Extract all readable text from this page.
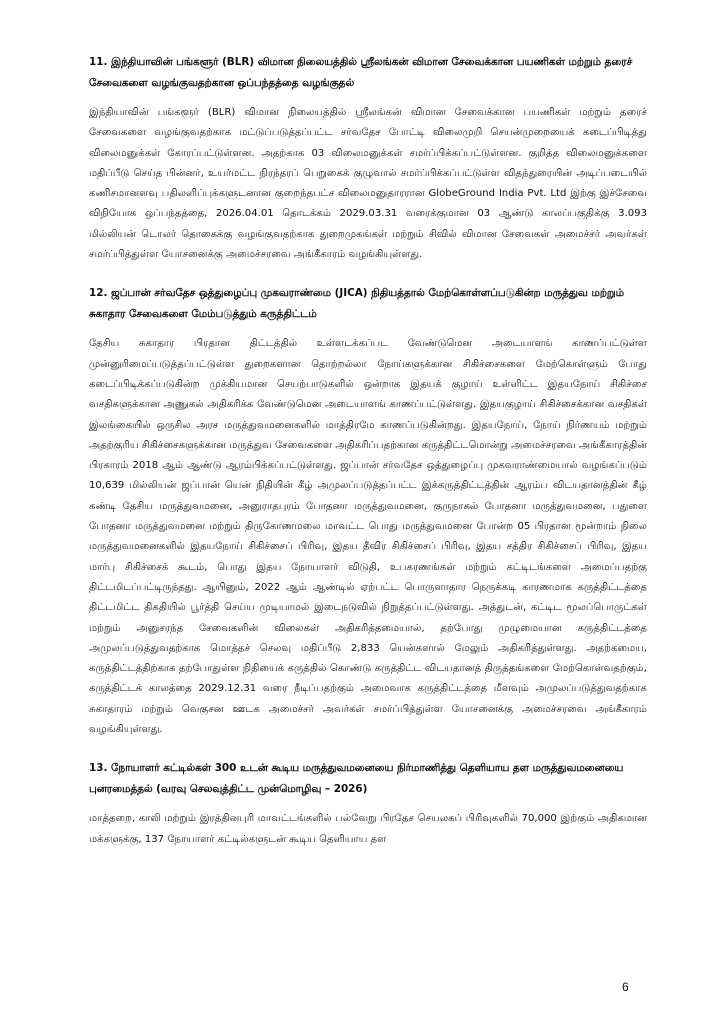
11. இந்தியாவின் பங்களூர் (BLR) விமான நிலையத்தில் ஸ்ரீலங்கன் விமான சேவைக்கான பயணிகள் மற்றும் தரைச் சேவைகளை வழங்குவதற்கான ஒப்பந்தத்தை வழங்குதல்

இந்தியாவின் பங்களூர் (BLR) விமான நிலையத்தில் ஸ்ரீலங்கன் விமான சேவைக்கான பயணிகள் மற்றும் தரைச் சேவைகளை வழங்குவதற்காக மட்டுப்படுத்தப்பட்ட சர்வதேச போட்டி விலைமுறி செயன்முறையைக் கடைப்பிடித்து விலைமனுக்கள் கோரப்பட்டுள்ளன. அதற்காக 03 விலைமனுக்கள் சமர்ப்பிக்கப்பட்டுள்ளன. குறித்த விலைமனுக்களை மதிப்பீடு செய்த பின்னர், உயர்மட்ட நிரந்தரப் பெறுகைக் குழுவால் சமர்ப்பிக்கப்பட்டுள்ள விதந்துரையின் அடிப்படையில் கணிசமானளவு பதிலளிப்புக்களுடனான குறைந்தபட்ச விலைமனுதாரரான GlobeGround India Pvt. Ltd இற்கு இச்சேவை விநியோக ஒப்பந்தத்தை, 2026.04.01 தொடக்கம் 2029.03.31 வரைக்குமான 03 ஆண்டு காலப்பகுதிக்கு 3.093 மில்லியன் டொலர் தொகைக்கு வழங்குவதற்காக துறைமுகங்கள் மற்றும் சிவில் விமான சேவைகள் அமைச்சர் அவர்கள் சமர்ப்பித்துள்ள யோசனைக்கு அமைச்சரவை அங்கீகாரம் வழங்கியுள்ளது.

12. ஜப்பான் சர்வதேச ஒத்துழைப்பு முகவராண்மை (JICA) நிதியத்தால் மேற்கொள்ளப்படுகின்ற மருத்துவ மற்றும் சுகாதார சேவைகளை மேம்படுத்தும் கருத்திட்டம்

தேசிய சுகாதார பிரதான திட்டத்தில் உள்ளடக்கப்பட வேண்டுமென அடையாளங் காணப்பட்டுள்ள முன்னுரிமைப்படுத்தப்பட்டுள்ள துறைகளான தொற்றல்லா நோய்களுக்கான சிகிச்சைகளை மேற்கொள்ளும் போது கடைப்பிடிக்கப்படுகின்ற முக்கியமான செயற்பாடுகளில் ஒன்றாக இதயக் குழாய் உள்ளிட்ட இதயநோய் சிகிச்சை வசதிகளுக்கான அணுகல் அதிகரிக்க வேண்டுமென அடையாளங் காணப்பட்டுள்ளது. இதயகுழாய் சிகிச்சைக்கான வசதிகள் இலங்கையில் ஒருசில அரச மருத்துவமனைகளில் மாத்திரமே காணப்படுகின்றது. இதயநோய், நோய் நிர்ணயம் மற்றும் அதற்குரிய சிகிச்சைகளுக்கான மருத்துவ சேவைகளை அதிகரிப்பதற்கான கருத்திட்டமொன்று அமைச்சரவை அங்கீகாரத்தின் பிரகாரம் 2018 ஆம் ஆண்டு ஆரம்பிக்கப்பட்டுள்ளது. ஜப்பான் சர்வதேச ஒத்துழைப்பு முகவராண்மையால் வழங்கப்படும் 10,639 மில்லியன் ஜப்பான் யென் நிதியின் கீழ் அமுலப்படுத்தப்பட்ட இக்கருத்திட்டத்தின் ஆரம்ப விடயதானத்தின் கீழ் கண்டி தேசிய மருத்துவமனை, அனுராதபுரம் போதனா மருத்துவமனை, குருநாகல் போதனா மருத்துவமனை, பதுளை போதனா மருத்துவமனை மற்றும் திருகோணமலை மாவட்ட பொது மருத்துவமனை போன்ற 05 பிரதான மூன்றாம் நிலை மருத்துவமனைகளில் இதயநோய் சிகிச்சைப் பிரிவு, இதய தீவிர சிகிச்சைப் பிரிவு, இதய சத்திர சிகிச்சைப் பிரிவு, இதய மார்பு சிகிச்சைக் கூடம், பொது இதய நோயாளர் விடுதி, உபகரணங்கள் மற்றும் கட்டிடங்களை அமைப்பதற்கு திட்டமிடப்பட்டிருந்தது. ஆயினும், 2022 ஆம் ஆண்டில் ஏற்பட்ட பொருளாதார நெருக்கடி காரணமாக கருத்திட்டத்தை திட்டமிட்ட திகதியில் பூர்த்தி செய்ய முடியாமல் இடைநடுவில் நிறுத்தப்பட்டுள்ளது. அத்துடன், கட்டிட மூலப்பொருட்கள் மற்றும் அனுசரந்த சேவைகளின் விலைகள் அதிகரித்தமையால், தற்போது முழுமையான கருத்திட்டத்தை அமுலப்படுத்துவதற்காக மொத்தச் செலவு மதிப்பீடு 2,833 யென்களால் மேலும் அதிகரித்துள்ளது. அதற்கமைய, கருத்திட்டத்திற்காக தற்போதுள்ள நிதியைக் கருத்தில் கொண்டு கருத்திட்ட விடயதானத் திருத்தங்களை மேற்கொள்வதற்கும், கருத்திட்டக் காலத்தை 2029.12.31 வரை நீடிப்பதற்கும் அமைவாக கருத்திட்டத்தை மீளவும் அமுலப்படுத்துவதற்காக சுகாதாரம் மற்றும் வெகுசன ஊடக அமைச்சர் அவர்கள் சமர்ப்பித்துள்ள யோசனைக்கு அமைச்சரவை அங்கீகாரம் வழங்கியுள்ளது.

13. நோயாளர் கட்டில்கள் 300 உடன் கூடிய மருத்துவமனையை நிர்மாணித்து தெளியாய தள மருத்துவமனையை புனரமைத்தல் (வரவு செலவுத்திட்ட முன்மொழிவு – 2026)

மாத்தறை, காலி மற்றும் இரத்தினபுரி மாவட்டங்களில் பல்வேறு பிரதேச செயலகப் பிரிவுகளில் 70,000 இற்கும் அதிகமான மக்களுக்கு, 137 நோயாளர் கட்டில்களுடன் கூடிய தெளியாய தள

6
